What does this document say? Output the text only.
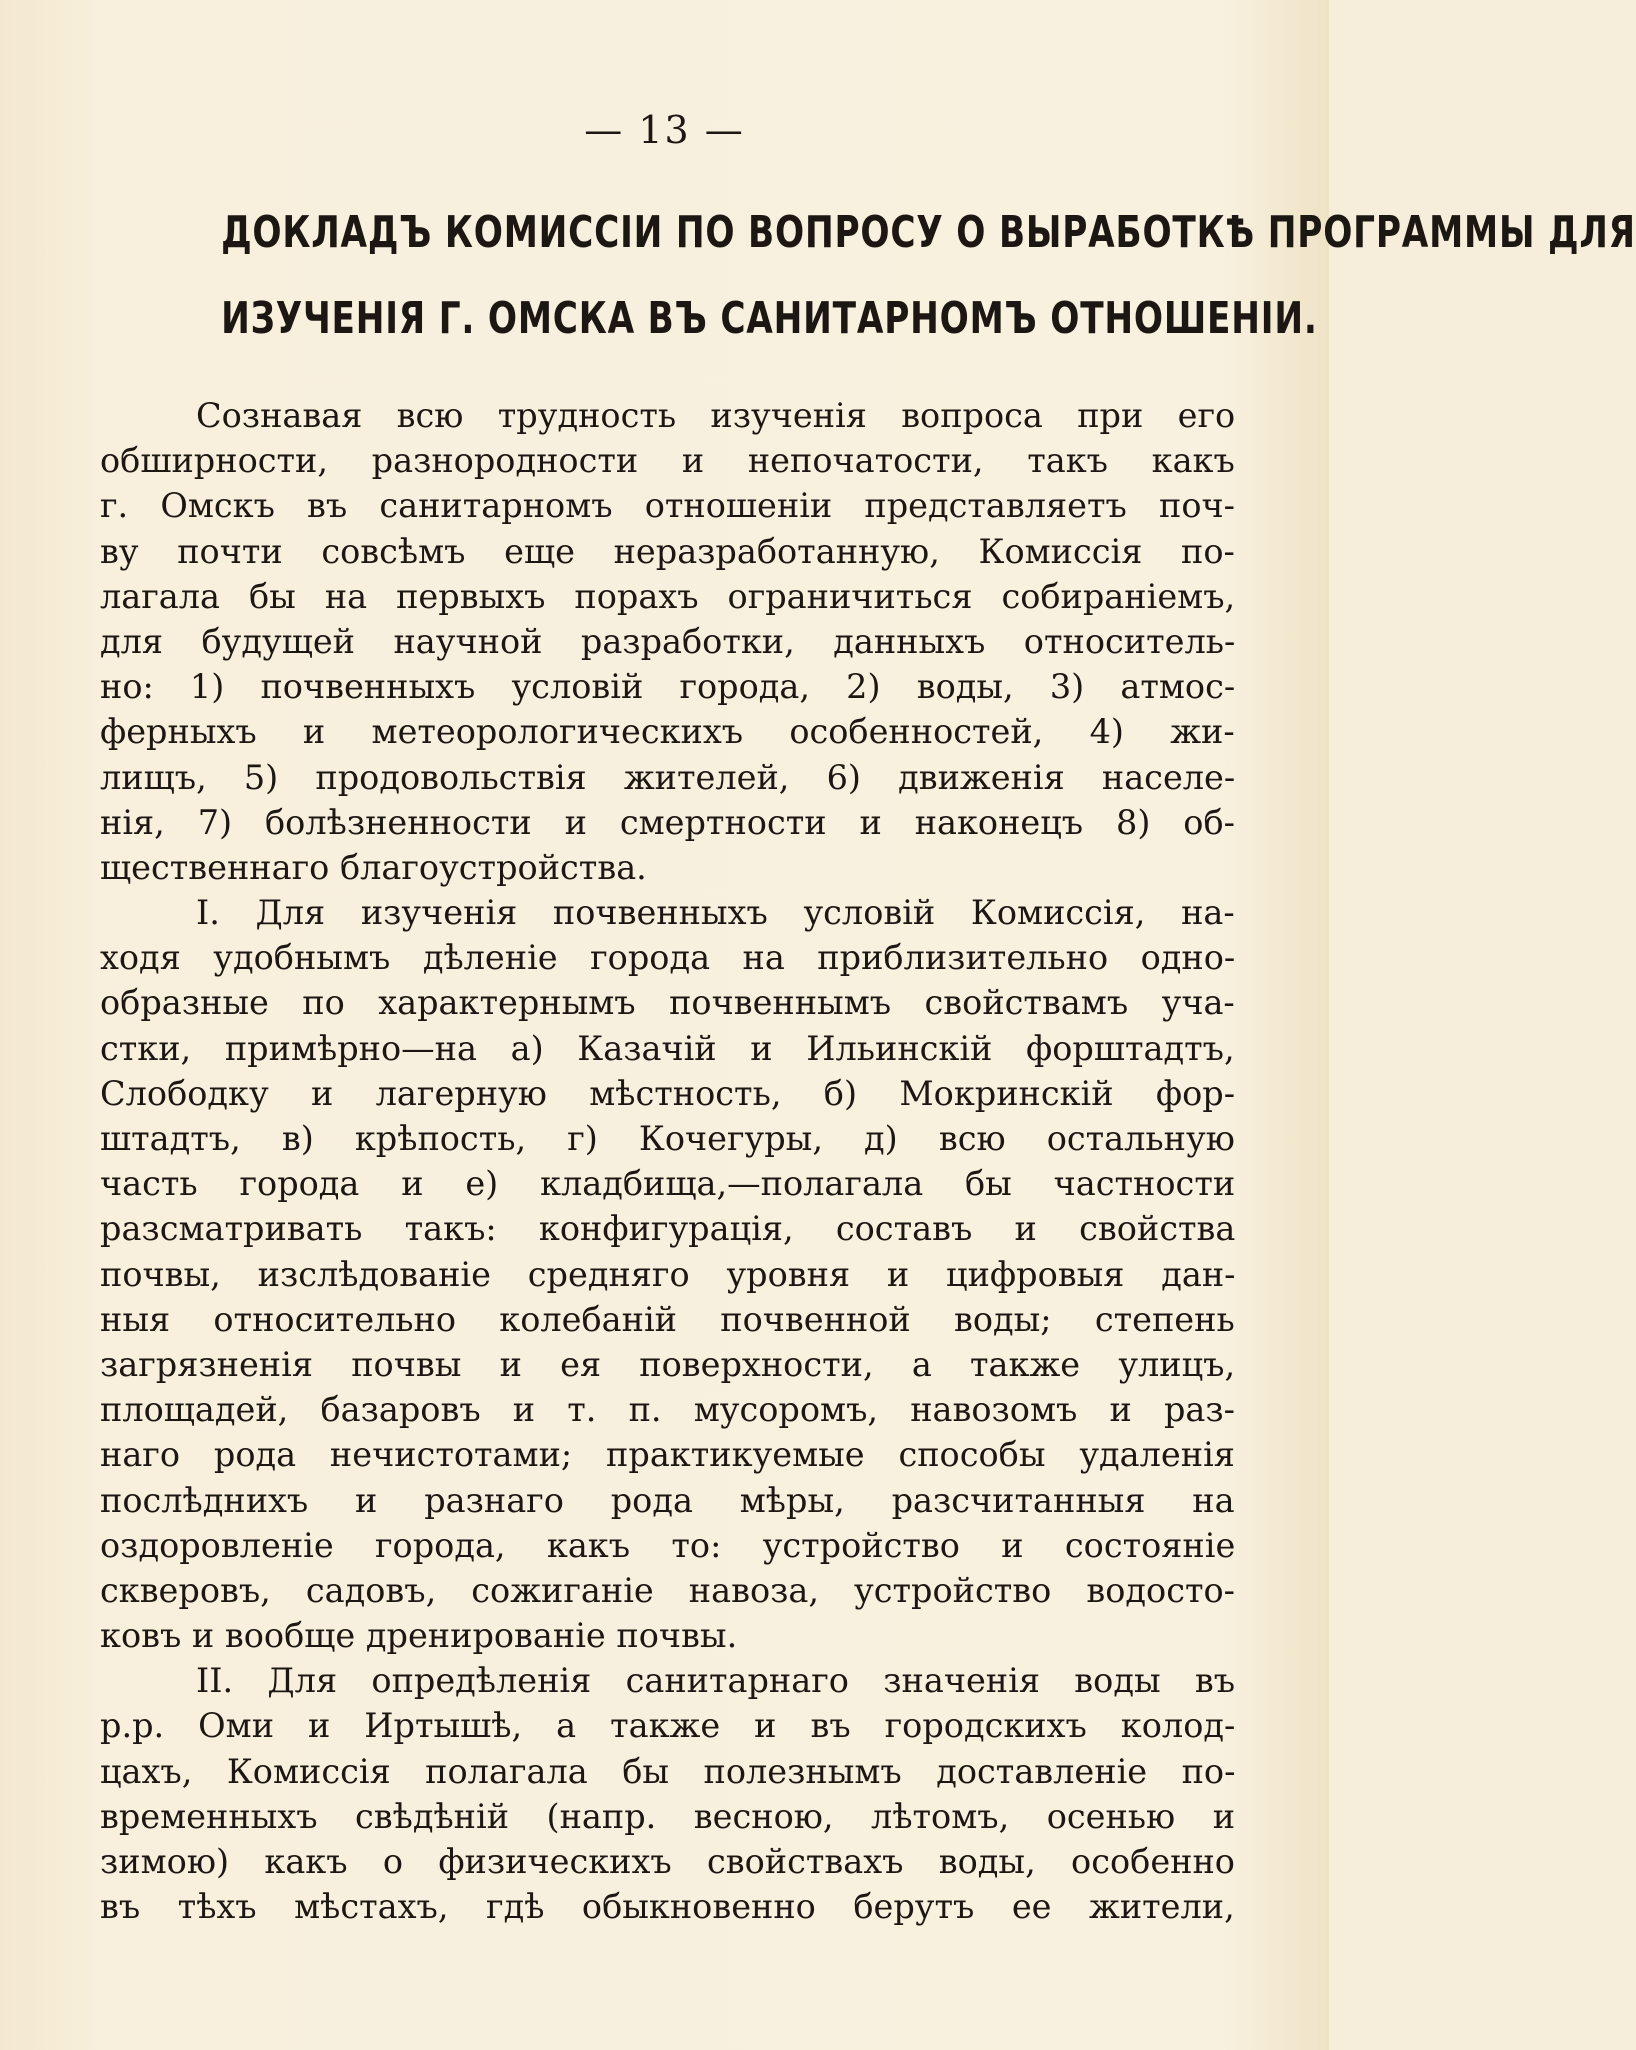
— 13 —
ДОКЛАДЪ КОМИССІИ ПО ВОПРОСУ О ВЫРАБОТКѢ ПРОГРАММЫ ДЛЯ
ИЗУЧЕНІЯ Г. ОМСКА ВЪ САНИТАРНОМЪ ОТНОШЕНІИ.
Сознавая всю трудность изученія вопроса при его
обширности, разнородности и непочатости, такъ какъ
г. Омскъ въ санитарномъ отношеніи представляетъ поч-
ву почти совсѣмъ еще неразработанную, Комиссія по-
лагала бы на первыхъ порахъ ограничиться собираніемъ,
для будущей научной разработки, данныхъ относитель-
но: 1) почвенныхъ условій города, 2) воды, 3) атмос-
ферныхъ и метеорологическихъ особенностей, 4) жи-
лищъ, 5) продовольствія жителей, 6) движенія населе-
нія, 7) болѣзненности и смертности и наконецъ 8) об-
щественнаго благоустройства.
I. Для изученія почвенныхъ условій Комиссія, на-
ходя удобнымъ дѣленіе города на приблизительно одно-
образные по характернымъ почвеннымъ свойствамъ уча-
стки, примѣрно—на а) Казачій и Ильинскій форштадтъ,
Слободку и лагерную мѣстность, б) Мокринскій фор-
штадтъ, в) крѣпость, г) Кочегуры, д) всю остальную
часть города и е) кладбища,—полагала бы частности
разсматривать такъ: конфигурація, составъ и свойства
почвы, изслѣдованіе средняго уровня и цифровыя дан-
ныя относительно колебаній почвенной воды; степень
загрязненія почвы и ея поверхности, а также улицъ,
площадей, базаровъ и т. п. мусоромъ, навозомъ и раз-
наго рода нечистотами; практикуемые способы удаленія
послѣднихъ и разнаго рода мѣры, разсчитанныя на
оздоровленіе города, какъ то: устройство и состояніе
скверовъ, садовъ, сожиганіе навоза, устройство водосто-
ковъ и вообще дренированіе почвы.
II. Для опредѣленія санитарнаго значенія воды въ
р.р. Оми и Иртышѣ, а также и въ городскихъ колод-
цахъ, Комиссія полагала бы полезнымъ доставленіе по-
временныхъ свѣдѣній (напр. весною, лѣтомъ, осенью и
зимою) какъ о физическихъ свойствахъ воды, особенно
въ тѣхъ мѣстахъ, гдѣ обыкновенно берутъ ее жители,
